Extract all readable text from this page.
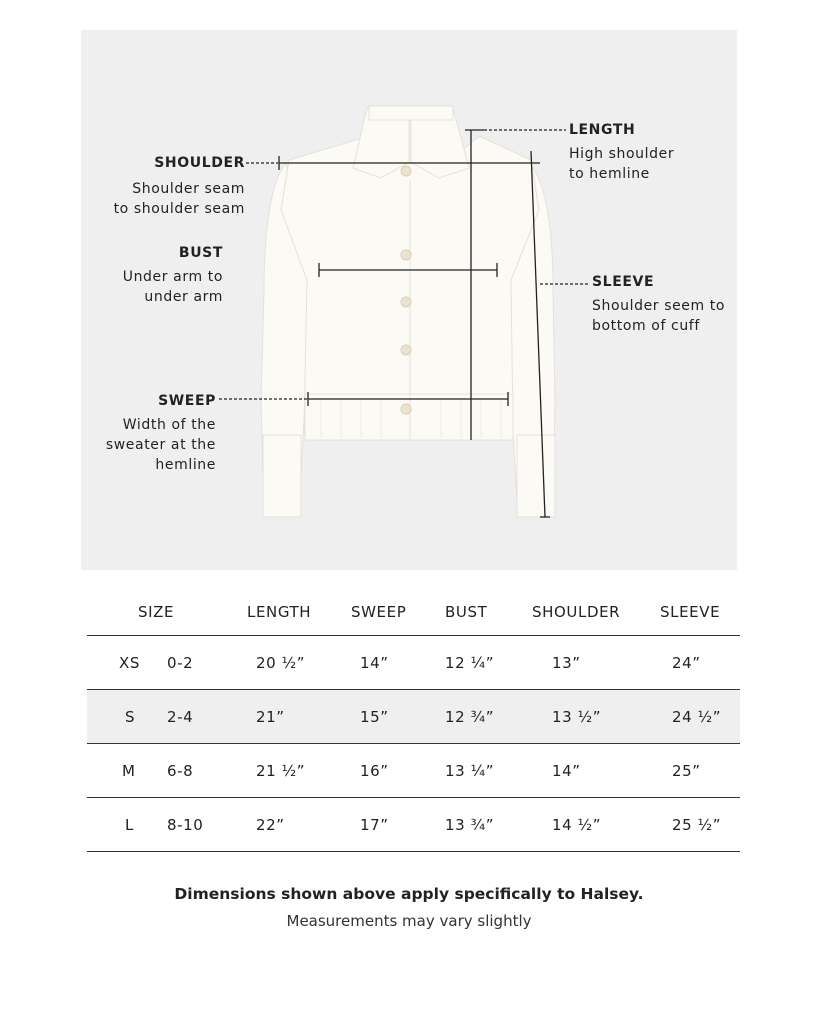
SHOULDER
Shoulder seam
to shoulder seam
BUST
Under arm to
under arm
SWEEP
Width of the
sweater at the
hemline
LENGTH
High shoulder
to hemline
SLEEVE
Shoulder seem to
bottom of cuff
SIZE	LENGTH	SWEEP	BUST	SHOULDER	SLEEVE
XS 0-2	20 ½”	14”	12 ¼”	13”	24”
S 2-4	21”	15”	12 ¾”	13 ½”	24 ½”
M 6-8	21 ½”	16”	13 ¼”	14”	25”
L 8-10	22”	17”	13 ¾”	14 ½”	25 ½”
Dimensions shown above apply specifically to Halsey.
Measurements may vary slightly
